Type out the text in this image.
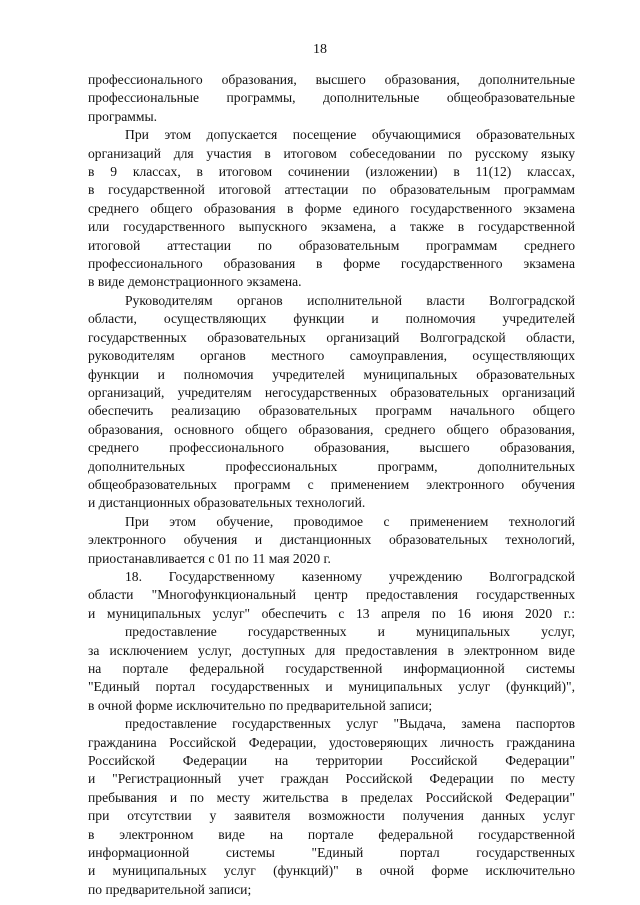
18
профессионального образования, высшего образования, дополнительные
профессиональные программы, дополнительные общеобразовательные
программы.
При этом допускается посещение обучающимися образовательных
организаций для участия в итоговом собеседовании по русскому языку
в 9 классах, в итоговом сочинении (изложении) в 11(12) классах,
в государственной итоговой аттестации по образовательным программам
среднего общего образования в форме единого государственного экзамена
или государственного выпускного экзамена, а также в государственной
итоговой аттестации по образовательным программам среднего
профессионального образования в форме государственного экзамена
в виде демонстрационного экзамена.
Руководителям органов исполнительной власти Волгоградской
области, осуществляющих функции и полномочия учредителей
государственных образовательных организаций Волгоградской области,
руководителям органов местного самоуправления, осуществляющих
функции и полномочия учредителей муниципальных образовательных
организаций, учредителям негосударственных образовательных организаций
обеспечить реализацию образовательных программ начального общего
образования, основного общего образования, среднего общего образования,
среднего профессионального образования, высшего образования,
дополнительных профессиональных программ, дополнительных
общеобразовательных программ с применением электронного обучения
и дистанционных образовательных технологий.
При этом обучение, проводимое с применением технологий
электронного обучения и дистанционных образовательных технологий,
приостанавливается с 01 по 11 мая 2020 г.
18. Государственному казенному учреждению Волгоградской
области "Многофункциональный центр предоставления государственных
и муниципальных услуг" обеспечить с 13 апреля по 16 июня 2020 г.:
предоставление государственных и муниципальных услуг,
за исключением услуг, доступных для предоставления в электронном виде
на портале федеральной государственной информационной системы
"Единый портал государственных и муниципальных услуг (функций)",
в очной форме исключительно по предварительной записи;
предоставление государственных услуг "Выдача, замена паспортов
гражданина Российской Федерации, удостоверяющих личность гражданина
Российской Федерации на территории Российской Федерации"
и "Регистрационный учет граждан Российской Федерации по месту
пребывания и по месту жительства в пределах Российской Федерации"
при отсутствии у заявителя возможности получения данных услуг
в электронном виде на портале федеральной государственной
информационной системы "Единый портал государственных
и муниципальных услуг (функций)" в очной форме исключительно
по предварительной записи;
